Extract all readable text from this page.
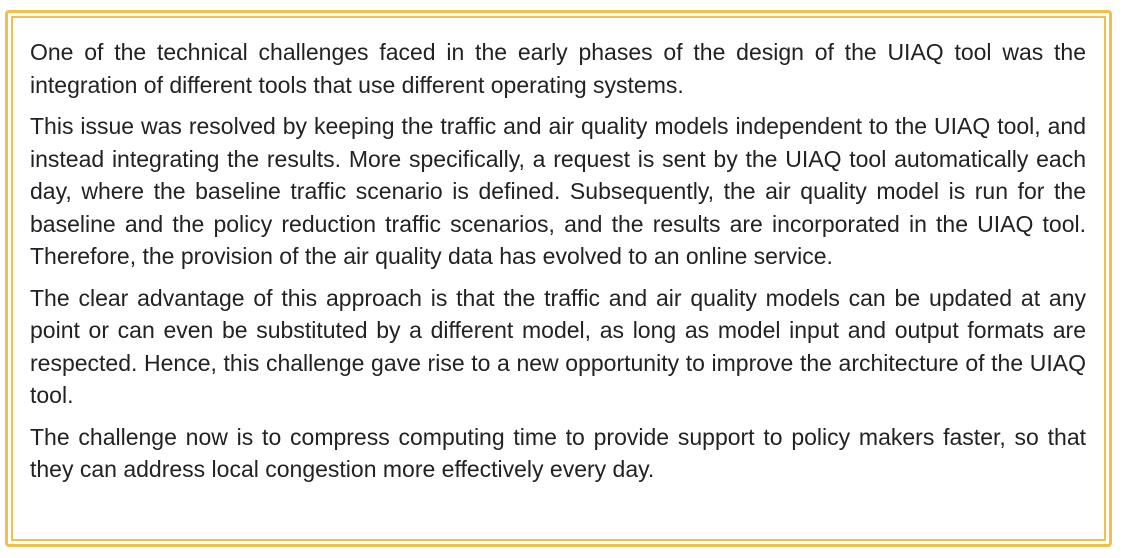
One of the technical challenges faced in the early phases of the design of the UIAQ tool was the integration of different tools that use different operating systems.

This issue was resolved by keeping the traffic and air quality models independent to the UIAQ tool, and instead integrating the results. More specifically, a request is sent by the UIAQ tool automatically each day, where the baseline traffic scenario is defined. Subsequently, the air quality model is run for the baseline and the policy reduction traffic scenarios, and the results are incorporated in the UIAQ tool. Therefore, the provision of the air quality data has evolved to an online service.

The clear advantage of this approach is that the traffic and air quality models can be updated at any point or can even be substituted by a different model, as long as model input and output formats are respected. Hence, this challenge gave rise to a new opportunity to improve the architecture of the UIAQ tool.

The challenge now is to compress computing time to provide support to policy makers faster, so that they can address local congestion more effectively every day.
